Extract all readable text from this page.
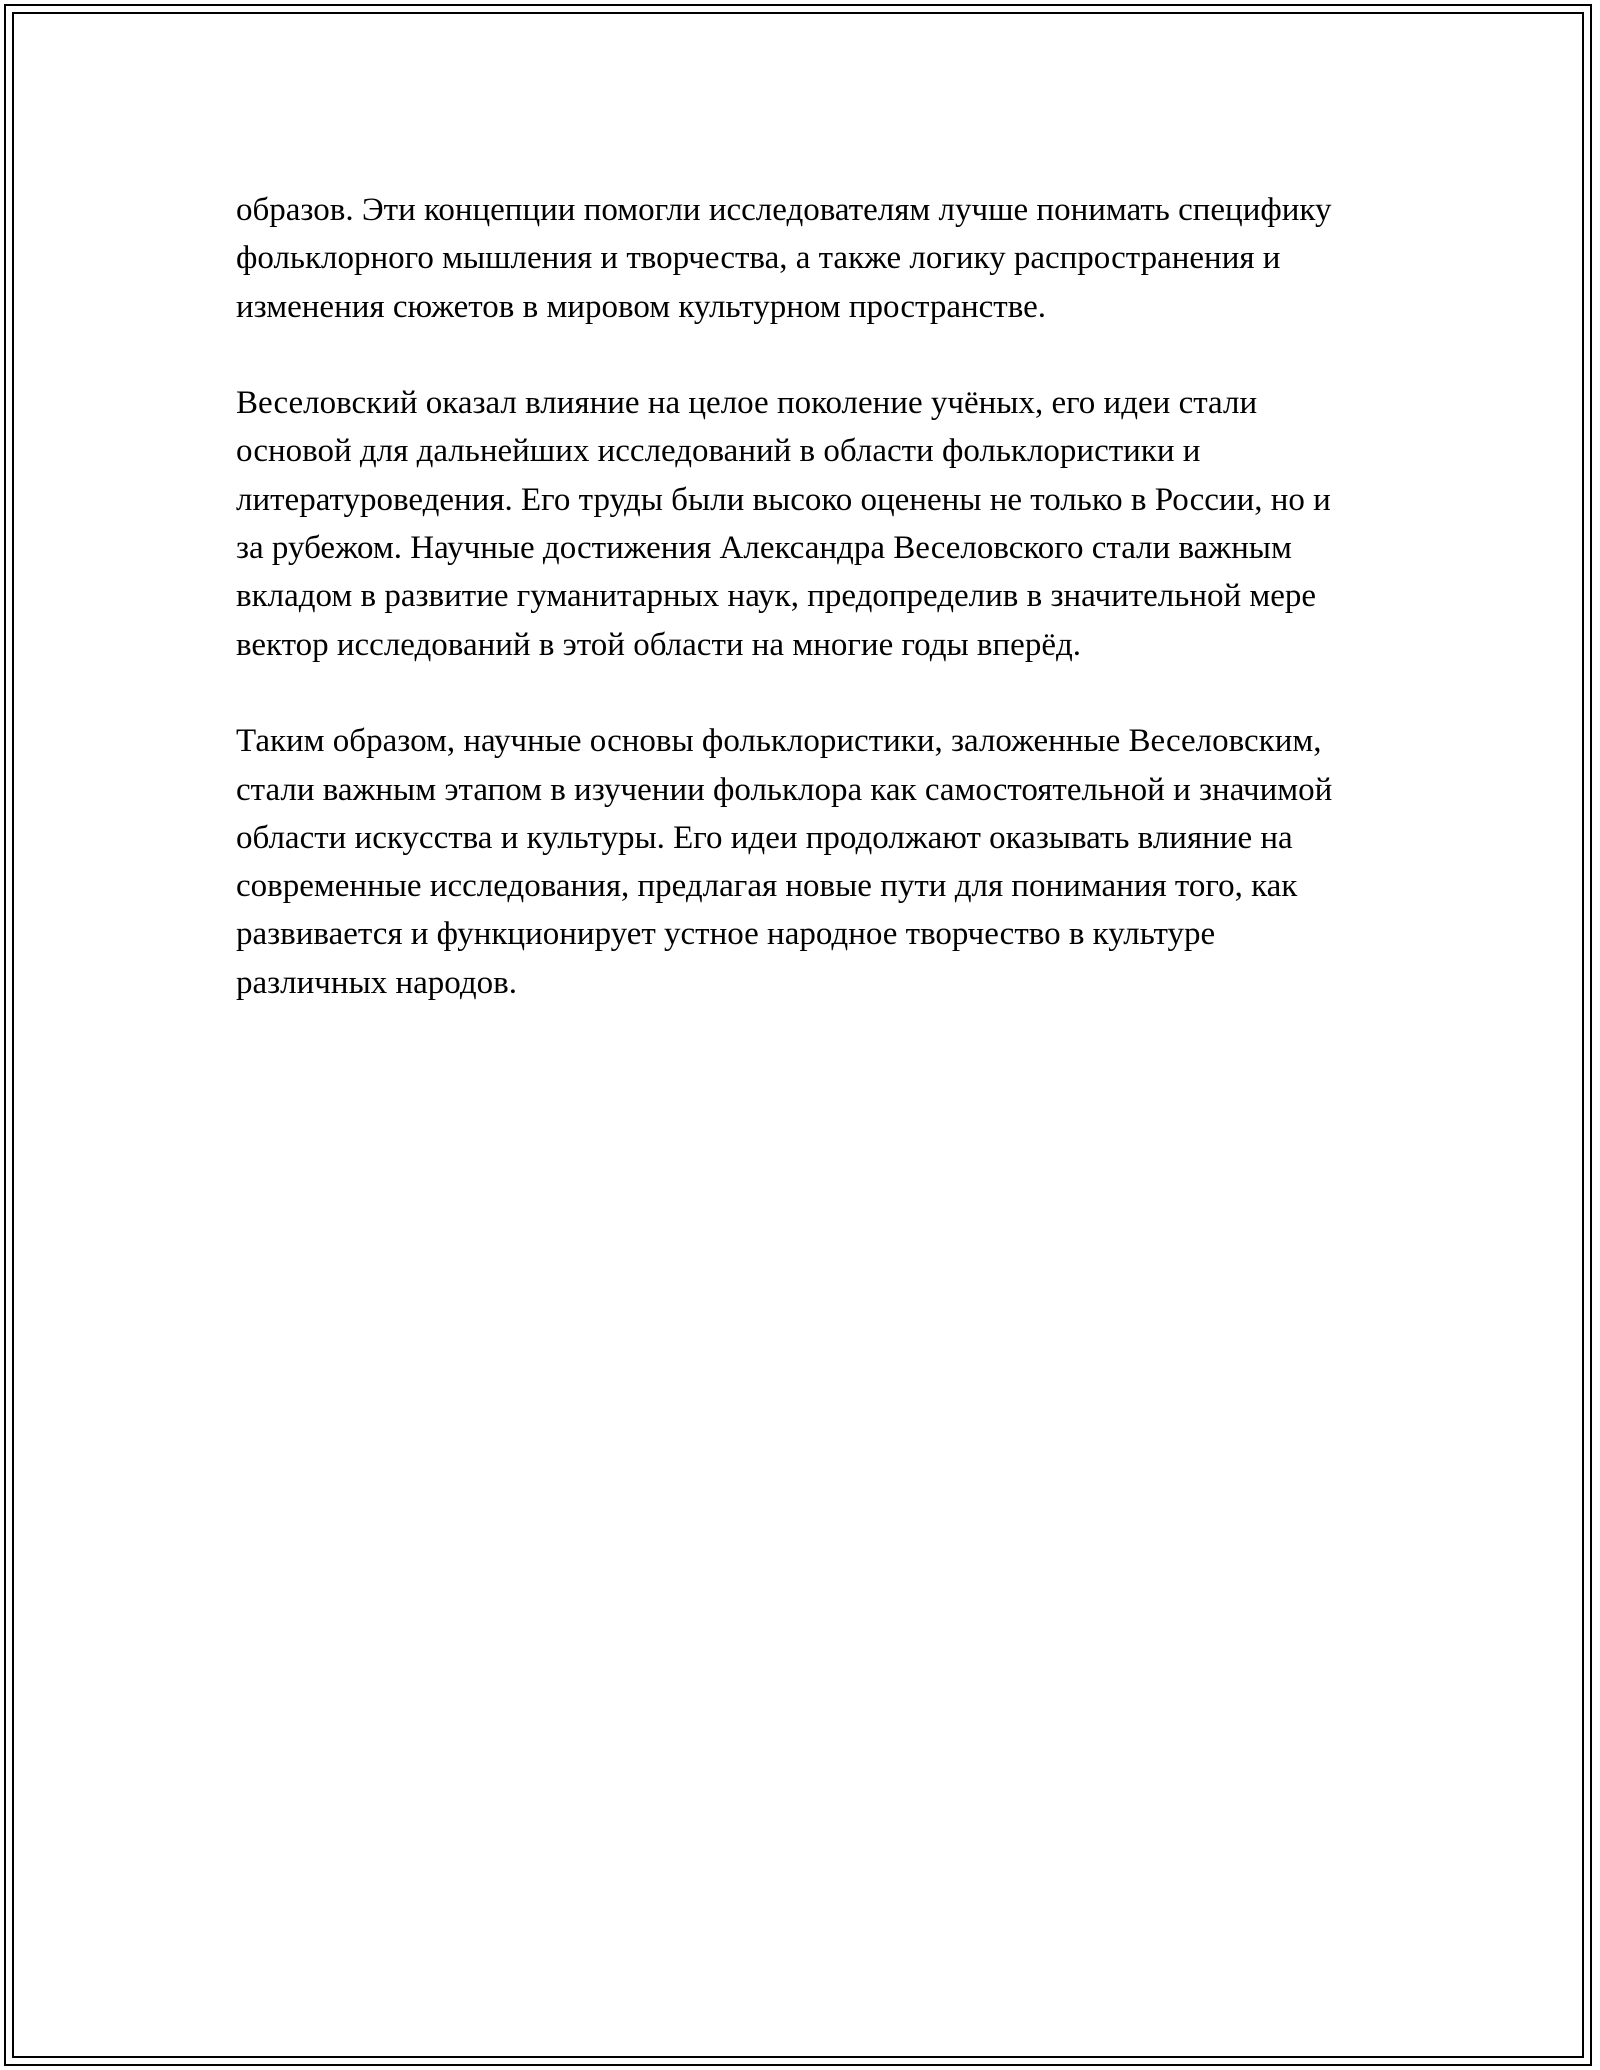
образов. Эти концепции помогли исследователям лучше понимать специфику фольклорного мышления и творчества, а также логику распространения и изменения сюжетов в мировом культурном пространстве.

Веселовский оказал влияние на целое поколение учёных, его идеи стали основой для дальнейших исследований в области фольклористики и литературоведения. Его труды были высоко оценены не только в России, но и за рубежом. Научные достижения Александра Веселовского стали важным вкладом в развитие гуманитарных наук, предопределив в значительной мере вектор исследований в этой области на многие годы вперёд.

Таким образом, научные основы фольклористики, заложенные Веселовским, стали важным этапом в изучении фольклора как самостоятельной и значимой области искусства и культуры. Его идеи продолжают оказывать влияние на современные исследования, предлагая новые пути для понимания того, как развивается и функционирует устное народное творчество в культуре различных народов.
